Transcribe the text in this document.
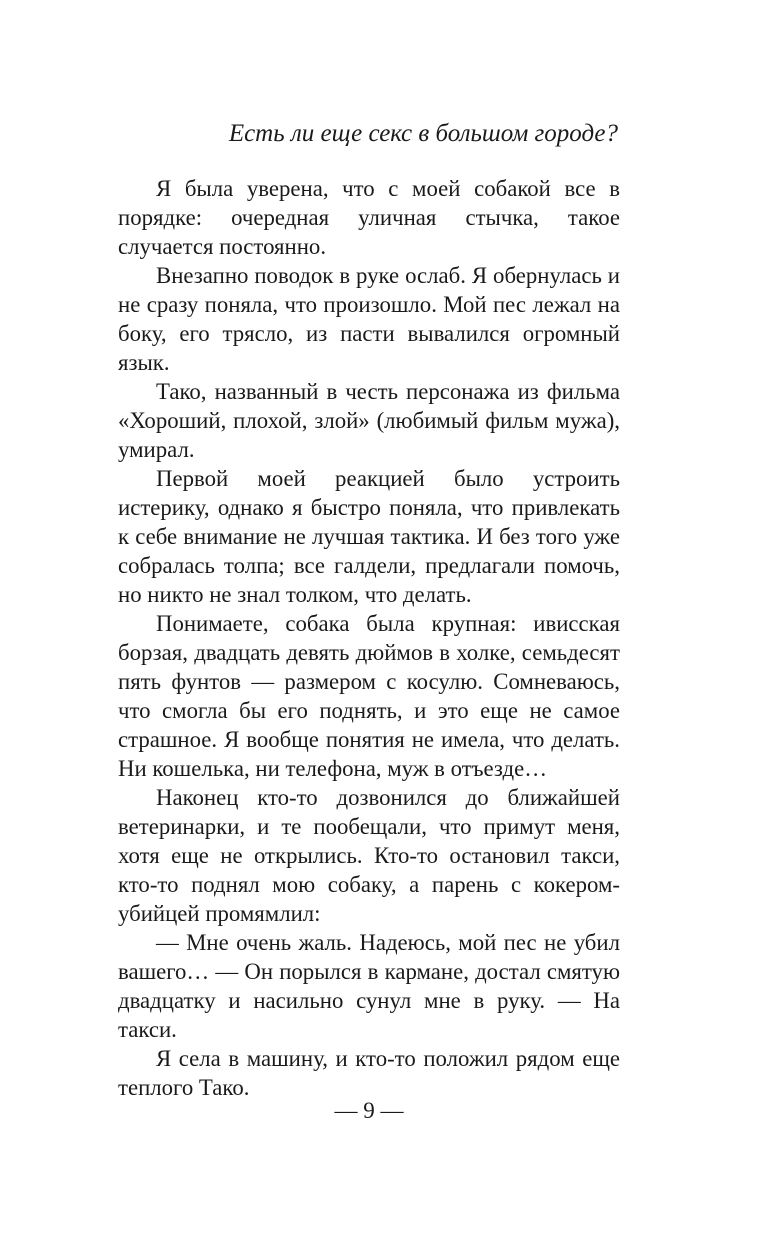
Есть ли еще секс в большом городе?

Я была уверена, что с моей собакой все в порядке: очередная уличная стычка, такое случается постоянно.

Внезапно поводок в руке ослаб. Я обернулась и не сразу поняла, что произошло. Мой пес лежал на боку, его трясло, из пасти вывалился огромный язык.

Тако, названный в честь персонажа из фильма «Хороший, плохой, злой» (любимый фильм мужа), умирал.

Первой моей реакцией было устроить истерику, однако я быстро поняла, что привлекать к себе внимание не лучшая тактика. И без того уже собралась толпа; все галдели, предлагали помочь, но никто не знал толком, что делать.

Понимаете, собака была крупная: ивисская борзая, двадцать девять дюймов в холке, семьдесят пять фунтов — размером с косулю. Сомневаюсь, что смогла бы его поднять, и это еще не самое страшное. Я вообще понятия не имела, что делать. Ни кошелька, ни телефона, муж в отъезде…

Наконец кто-то дозвонился до ближайшей ветеринарки, и те пообещали, что примут меня, хотя еще не открылись. Кто-то остановил такси, кто-то поднял мою собаку, а парень с кокером-убийцей промямлил:

— Мне очень жаль. Надеюсь, мой пес не убил вашего… — Он порылся в кармане, достал смятую двадцатку и насильно сунул мне в руку. — На такси.

Я села в машину, и кто-то положил рядом еще теплого Тако.

— 9 —
